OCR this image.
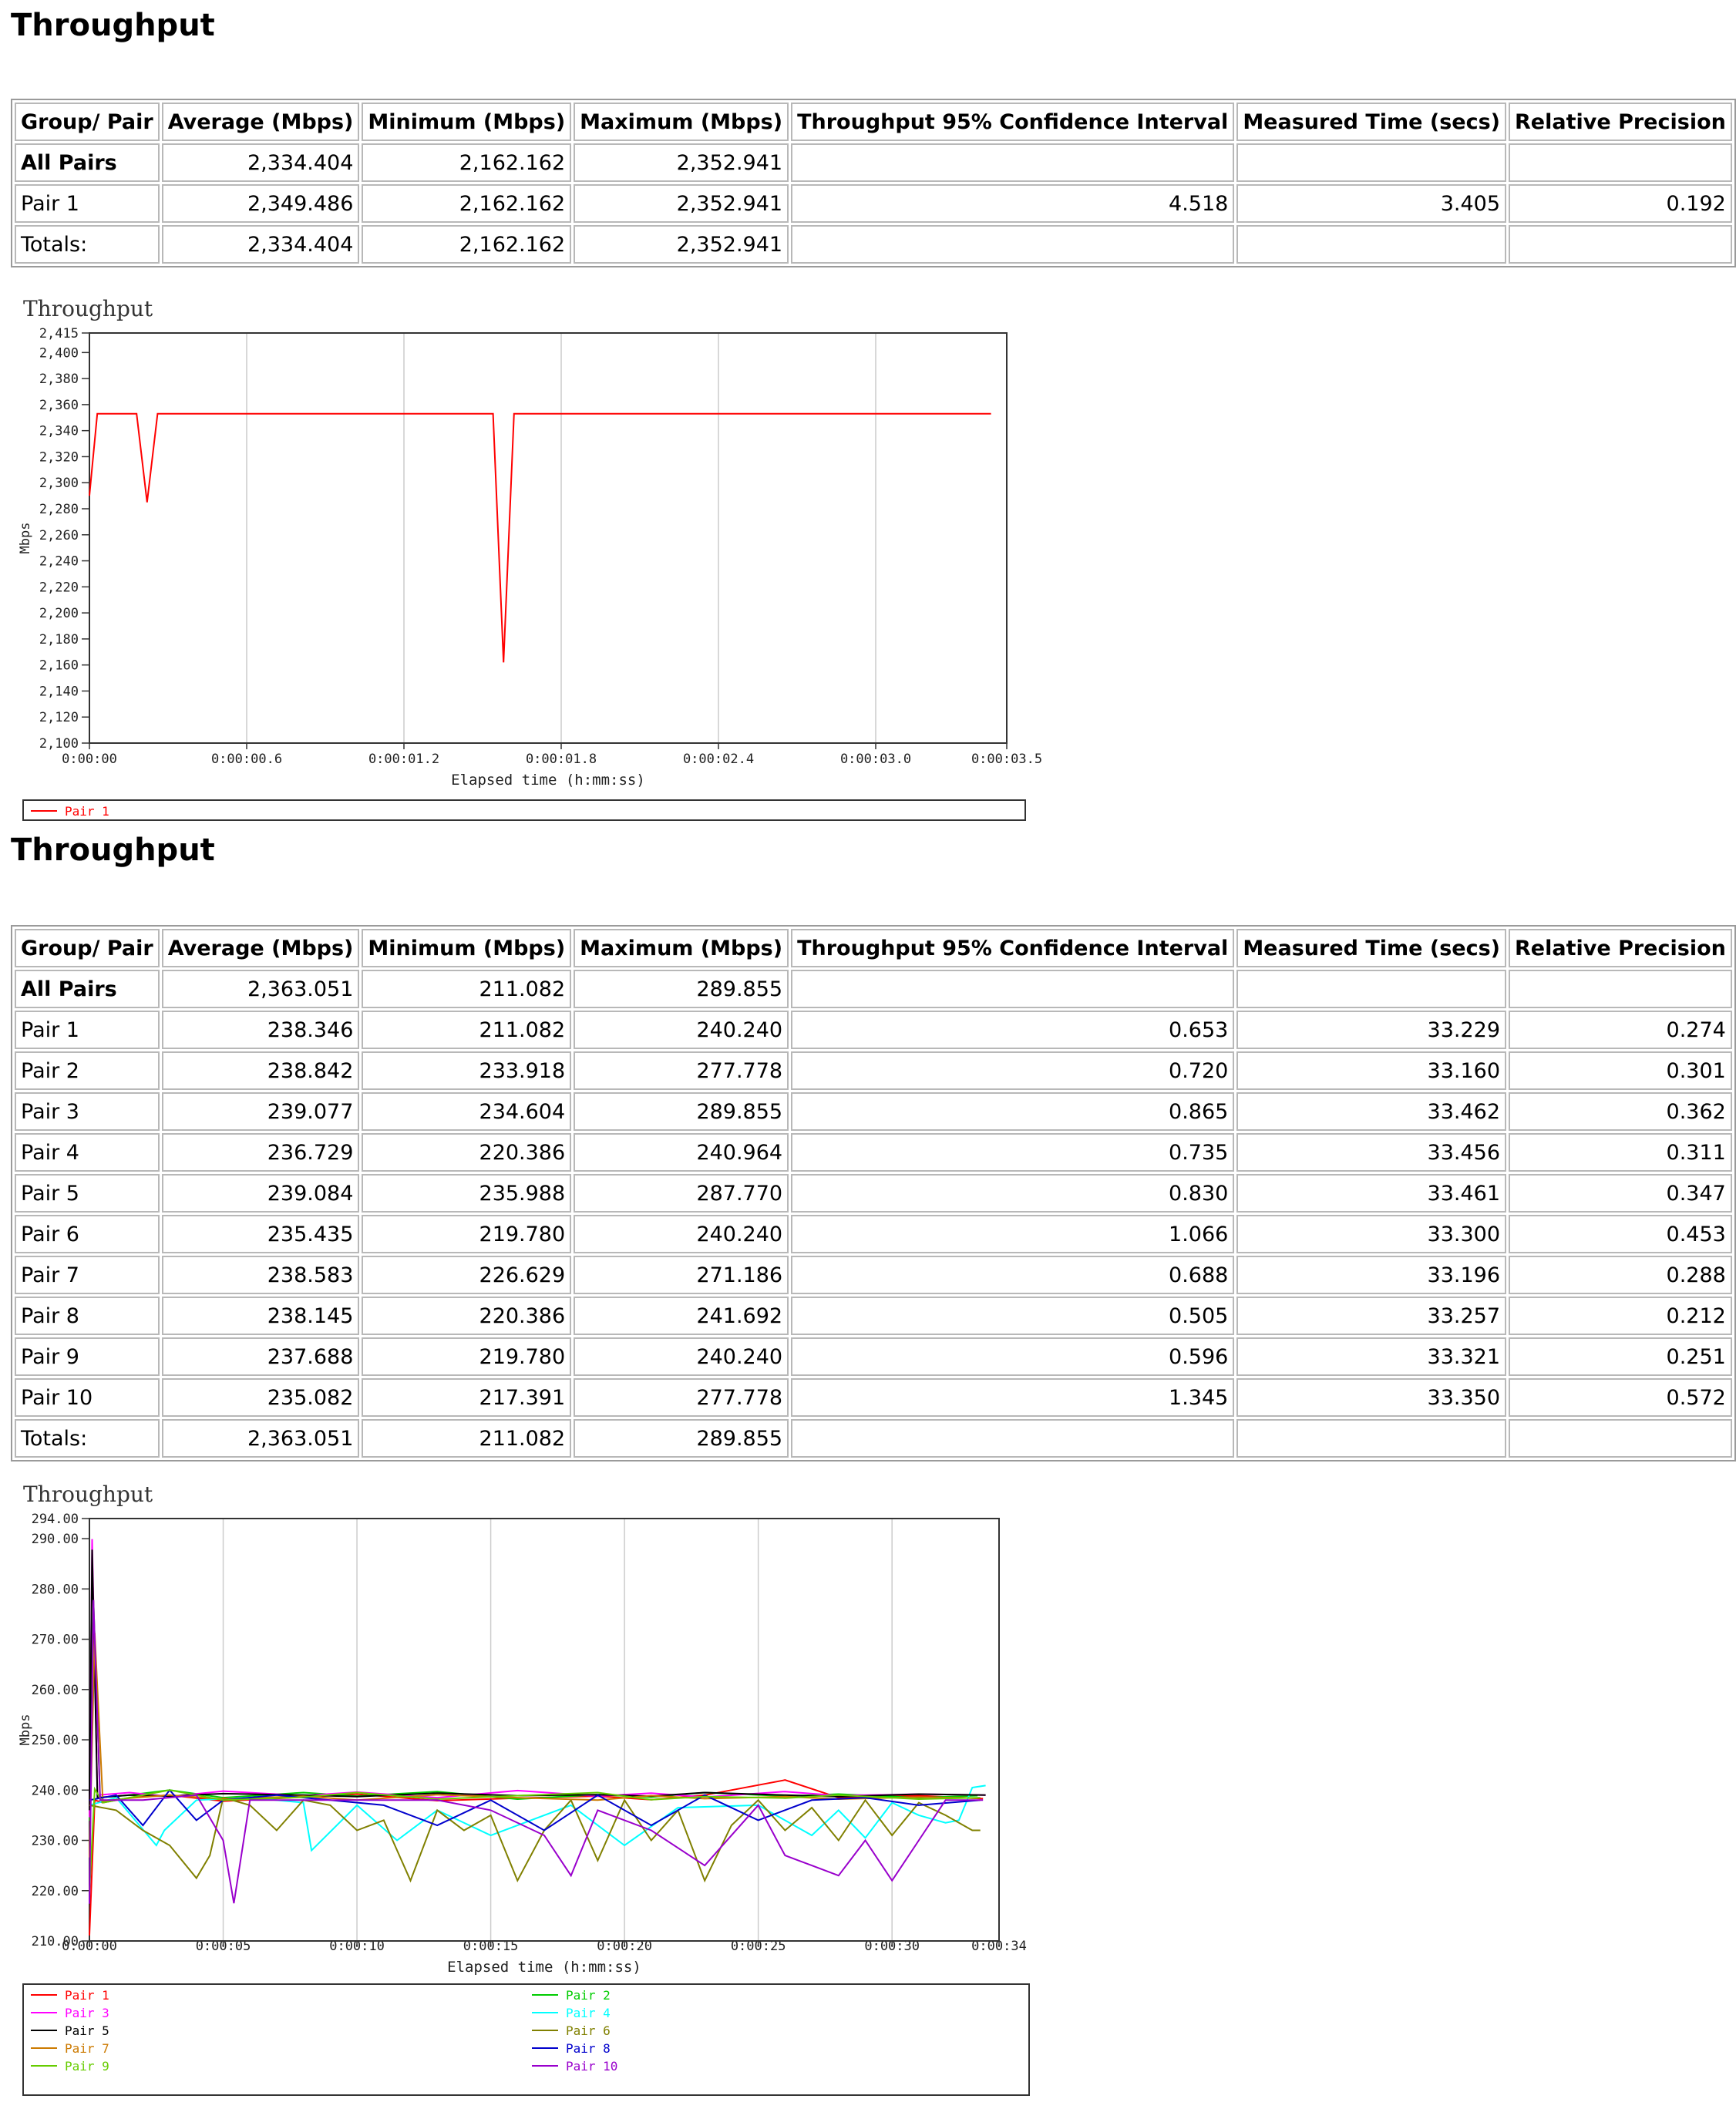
Throughput
Group/ Pair	Average (Mbps)	Minimum (Mbps)	Maximum (Mbps)	Throughput 95% Confidence Interval	Measured Time (secs)	Relative Precision
All Pairs	2,334.404	2,162.162	2,352.941			
Pair 1	2,349.486	2,162.162	2,352.941	4.518	3.405	0.192
Totals:	2,334.404	2,162.162	2,352.941			
Throughput
0:00:00	0:00:00.6	0:00:01.2	0:00:01.8	0:00:02.4	0:00:03.0	0:00:03.5
2,100
2,120
2,140
2,160
2,180
2,200
2,220
2,240
2,260
2,280
2,300
2,320
2,340
2,360
2,380
2,400
2,415
Elapsed time (h:mm:ss)
Mbps
Pair 1
Throughput
Group/ Pair	Average (Mbps)	Minimum (Mbps)	Maximum (Mbps)	Throughput 95% Confidence Interval	Measured Time (secs)	Relative Precision
All Pairs	2,363.051	211.082	289.855			
Pair 1	238.346	211.082	240.240	0.653	33.229	0.274
Pair 2	238.842	233.918	277.778	0.720	33.160	0.301
Pair 3	239.077	234.604	289.855	0.865	33.462	0.362
Pair 4	236.729	220.386	240.964	0.735	33.456	0.311
Pair 5	239.084	235.988	287.770	0.830	33.461	0.347
Pair 6	235.435	219.780	240.240	1.066	33.300	0.453
Pair 7	238.583	226.629	271.186	0.688	33.196	0.288
Pair 8	238.145	220.386	241.692	0.505	33.257	0.212
Pair 9	237.688	219.780	240.240	0.596	33.321	0.251
Pair 10	235.082	217.391	277.778	1.345	33.350	0.572
Totals:	2,363.051	211.082	289.855			
Throughput
0:00:00	0:00:05	0:00:10	0:00:15	0:00:20	0:00:25	0:00:30	0:00:34
210.00
220.00
230.00
240.00
250.00
260.00
270.00
280.00
290.00
294.00
Elapsed time (h:mm:ss)
Mbps
Pair 1	Pair 2
Pair 3	Pair 4
Pair 5	Pair 6
Pair 7	Pair 8
Pair 9	Pair 10
